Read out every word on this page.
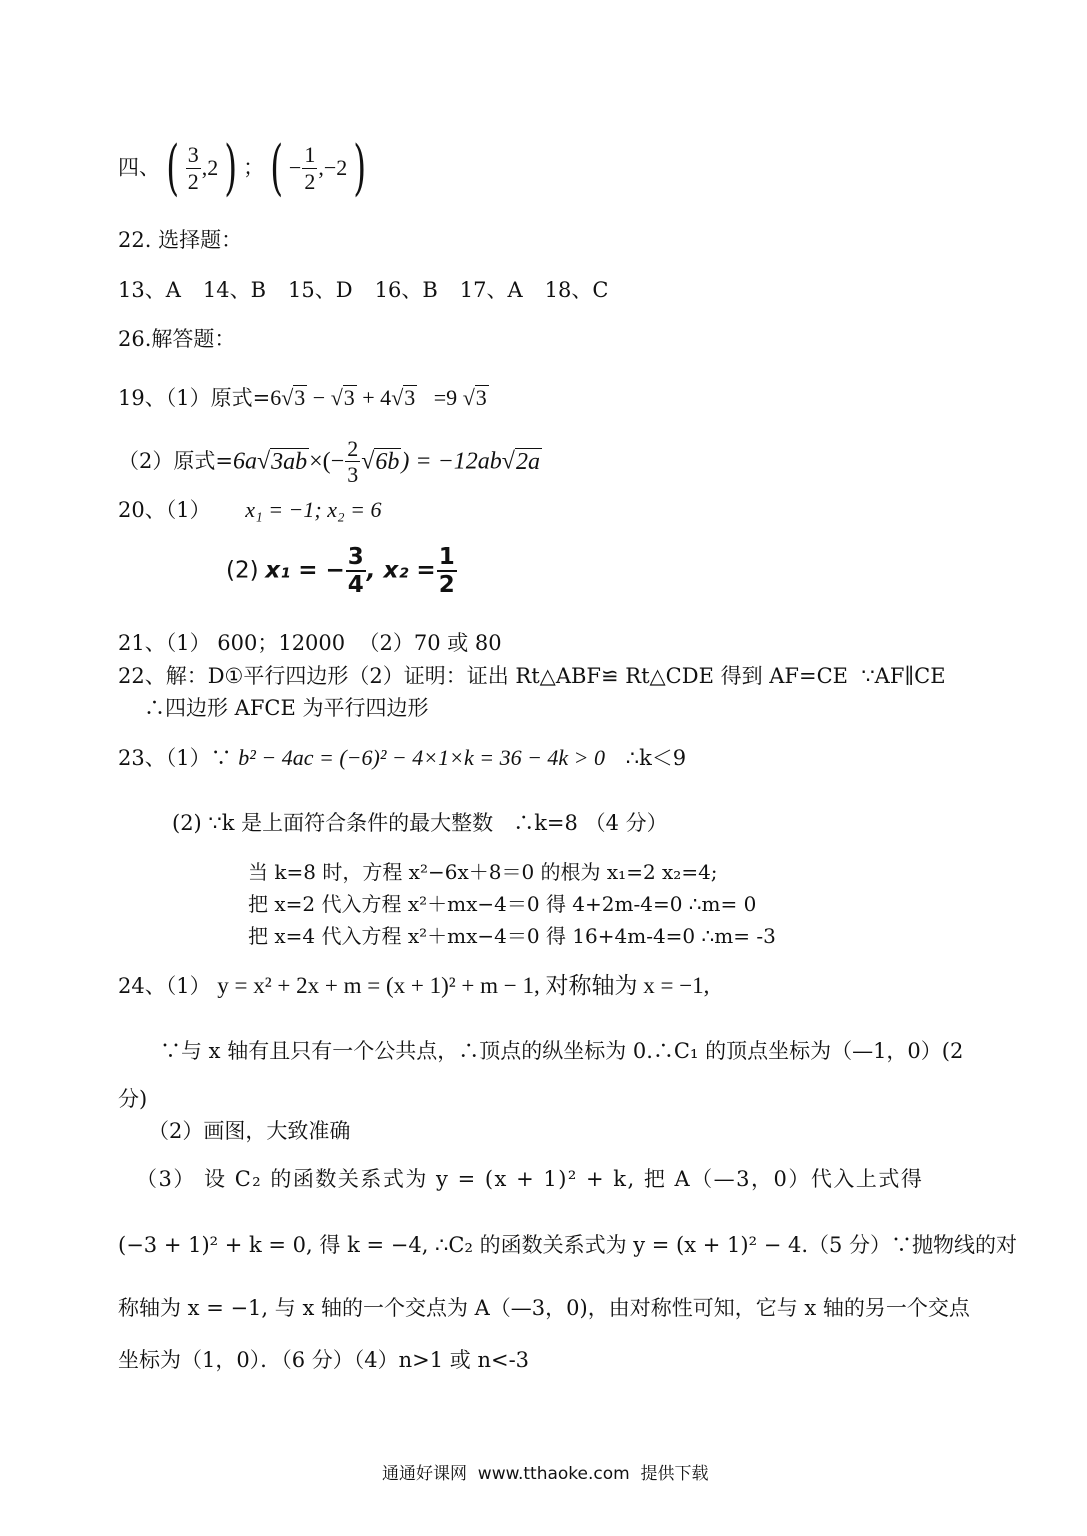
四、 ( $\frac{3}{2} ,2$ ) ； ( − $\frac{1}{2} ,-2$ )
22. 选择题：
13、A 14、B 15、D 16、B 17、A 18、C
26.解答题：
19、（1）原式=6√3 − √3 + 4√3   =9 √3
（2）原式$=6a√3ab\times(- \frac{2}{3} √6b) = -12ab√2a$
20、（1） x₁ = −1; x₂ = 6
(2) x₁ = − $\frac{3}{4}$ , $x_2 = \frac{1}{2}$
21、（1） 600；12000  （2）70 或 80
22、解：D①平行四边形（2）证明：证出 Rt△ABF≌ Rt△CDE 得到 AF=CE  ∵AF∥CE
∴四边形 AFCE 为平行四边形
23、（1）∵ b² − 4ac = (−6)² − 4×1×k = 36 − 4k > 0 ∴k＜9
(2) ∵k 是上面符合条件的最大整数   ∴k=8 （4 分）
当 k=8 时，方程 x²−6x＋8＝0 的根为 x₁=2 x₂=4;
把 x=2 代入方程 x²＋mx−4＝0 得 4+2m-4=0 ∴m= 0
把 x=4 代入方程 x²＋mx−4＝0 得 16+4m-4=0 ∴m= -3
24、（1） y = x² + 2x + m = (x + 1)² + m − 1, 对称轴为 x = −1,
∵与 x 轴有且只有一个公共点，∴顶点的纵坐标为 0.∴C₁ 的顶点坐标为（—1，0）(2
分)
（2）画图，大致准确
（3） 设 C₂ 的函数关系式为 y = (x + 1)² + k, 把 A（—3，0）代入上式得
(−3 + 1)² + k = 0, 得 k = −4, ∴C₂ 的函数关系式为 y = (x + 1)² − 4.（5 分）∵抛物线的对
称轴为 x = −1, 与 x 轴的一个交点为 A（—3，0)，由对称性可知，它与 x 轴的另一个交点
坐标为（1，0）．（6 分）（4）n>1 或 n<-3
通通好课网  www.tthaoke.com  提供下载
